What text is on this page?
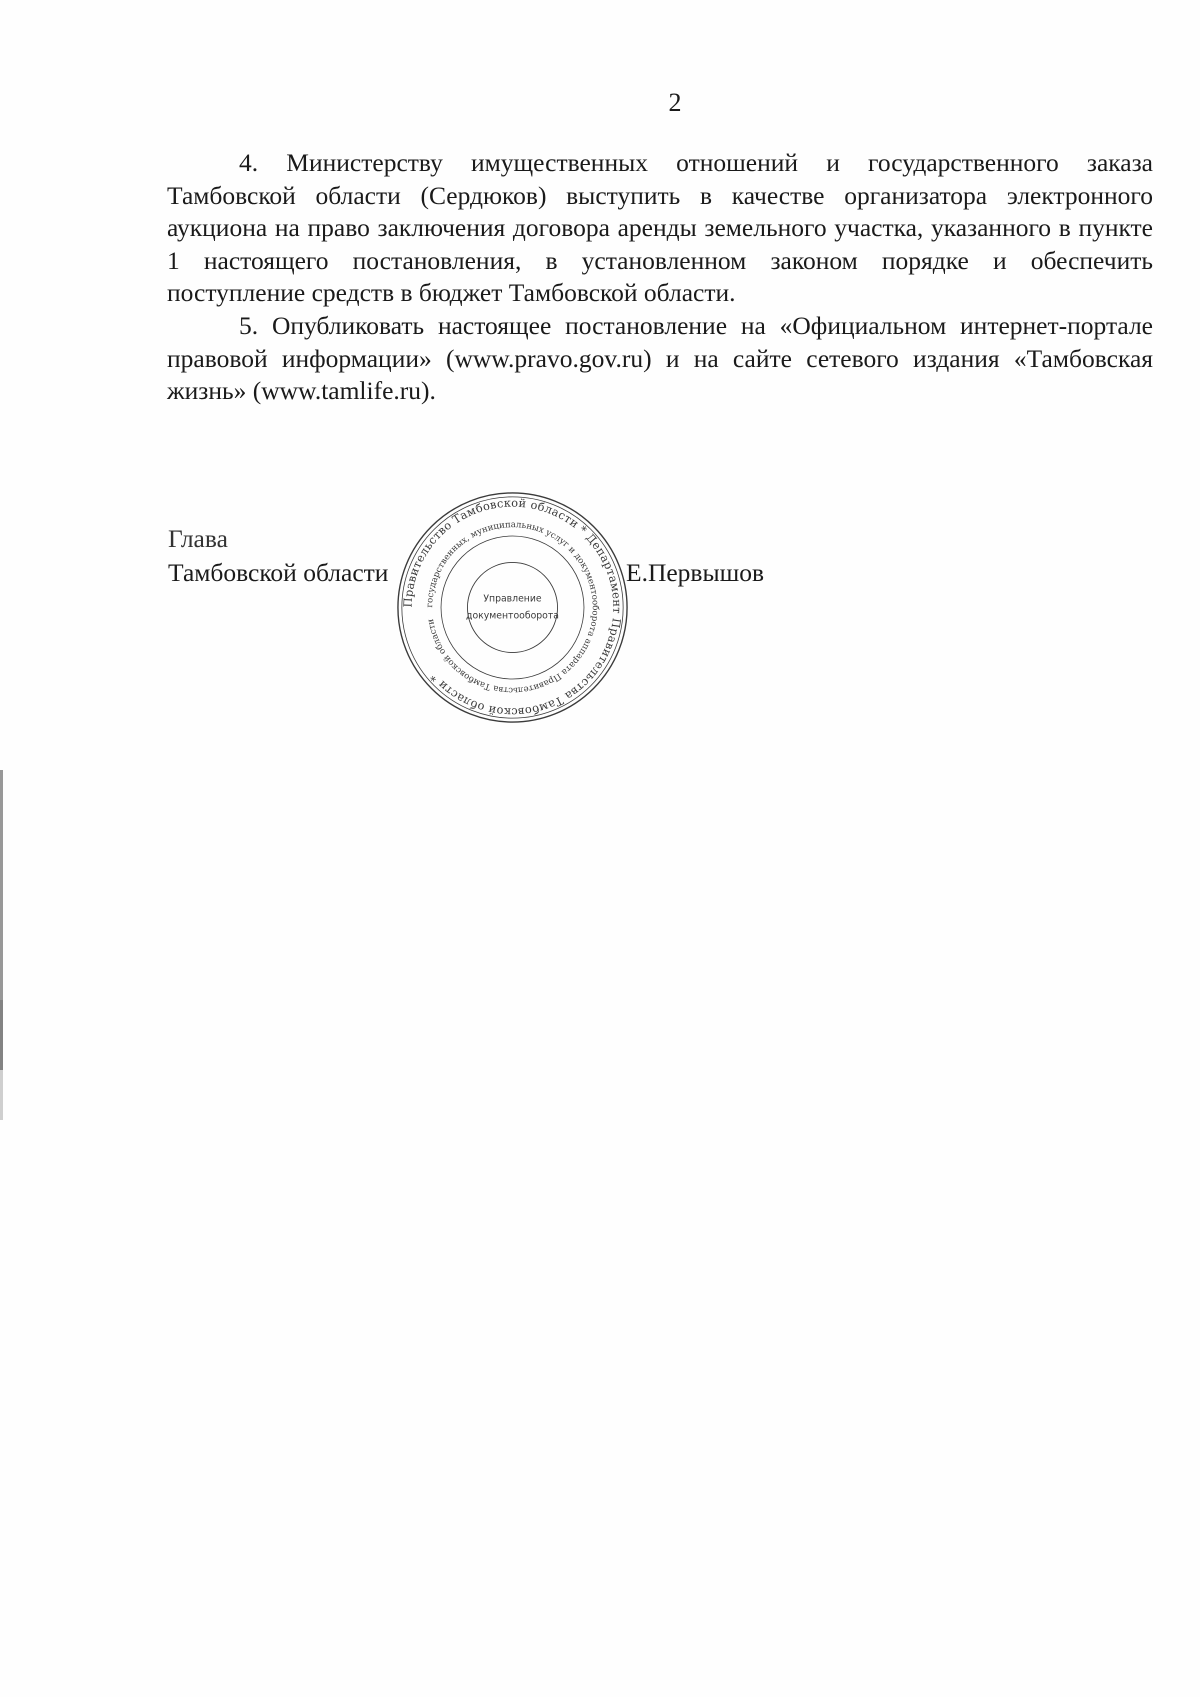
2

4. Министерству имущественных отношений и государственного заказа Тамбовской области (Сердюков) выступить в качестве организатора электронного аукциона на право заключения договора аренды земельного участка, указанного в пункте 1 настоящего постановления, в установленном законом порядке и обеспечить поступление средств в бюджет Тамбовской области.

5. Опубликовать настоящее постановление на «Официальном интернет-портале правовой информации» (www.pravo.gov.ru) и на сайте сетевого издания «Тамбовская жизнь» (www.tamlife.ru).

Глава
Тамбовской области	Е.Первышов
Правительство Тамбовской области * Департамент Правительства Тамбовской области *
государственных, муниципальных услуг и документооборота аппарата Правительства Тамбовской области
Управление
документооборота
